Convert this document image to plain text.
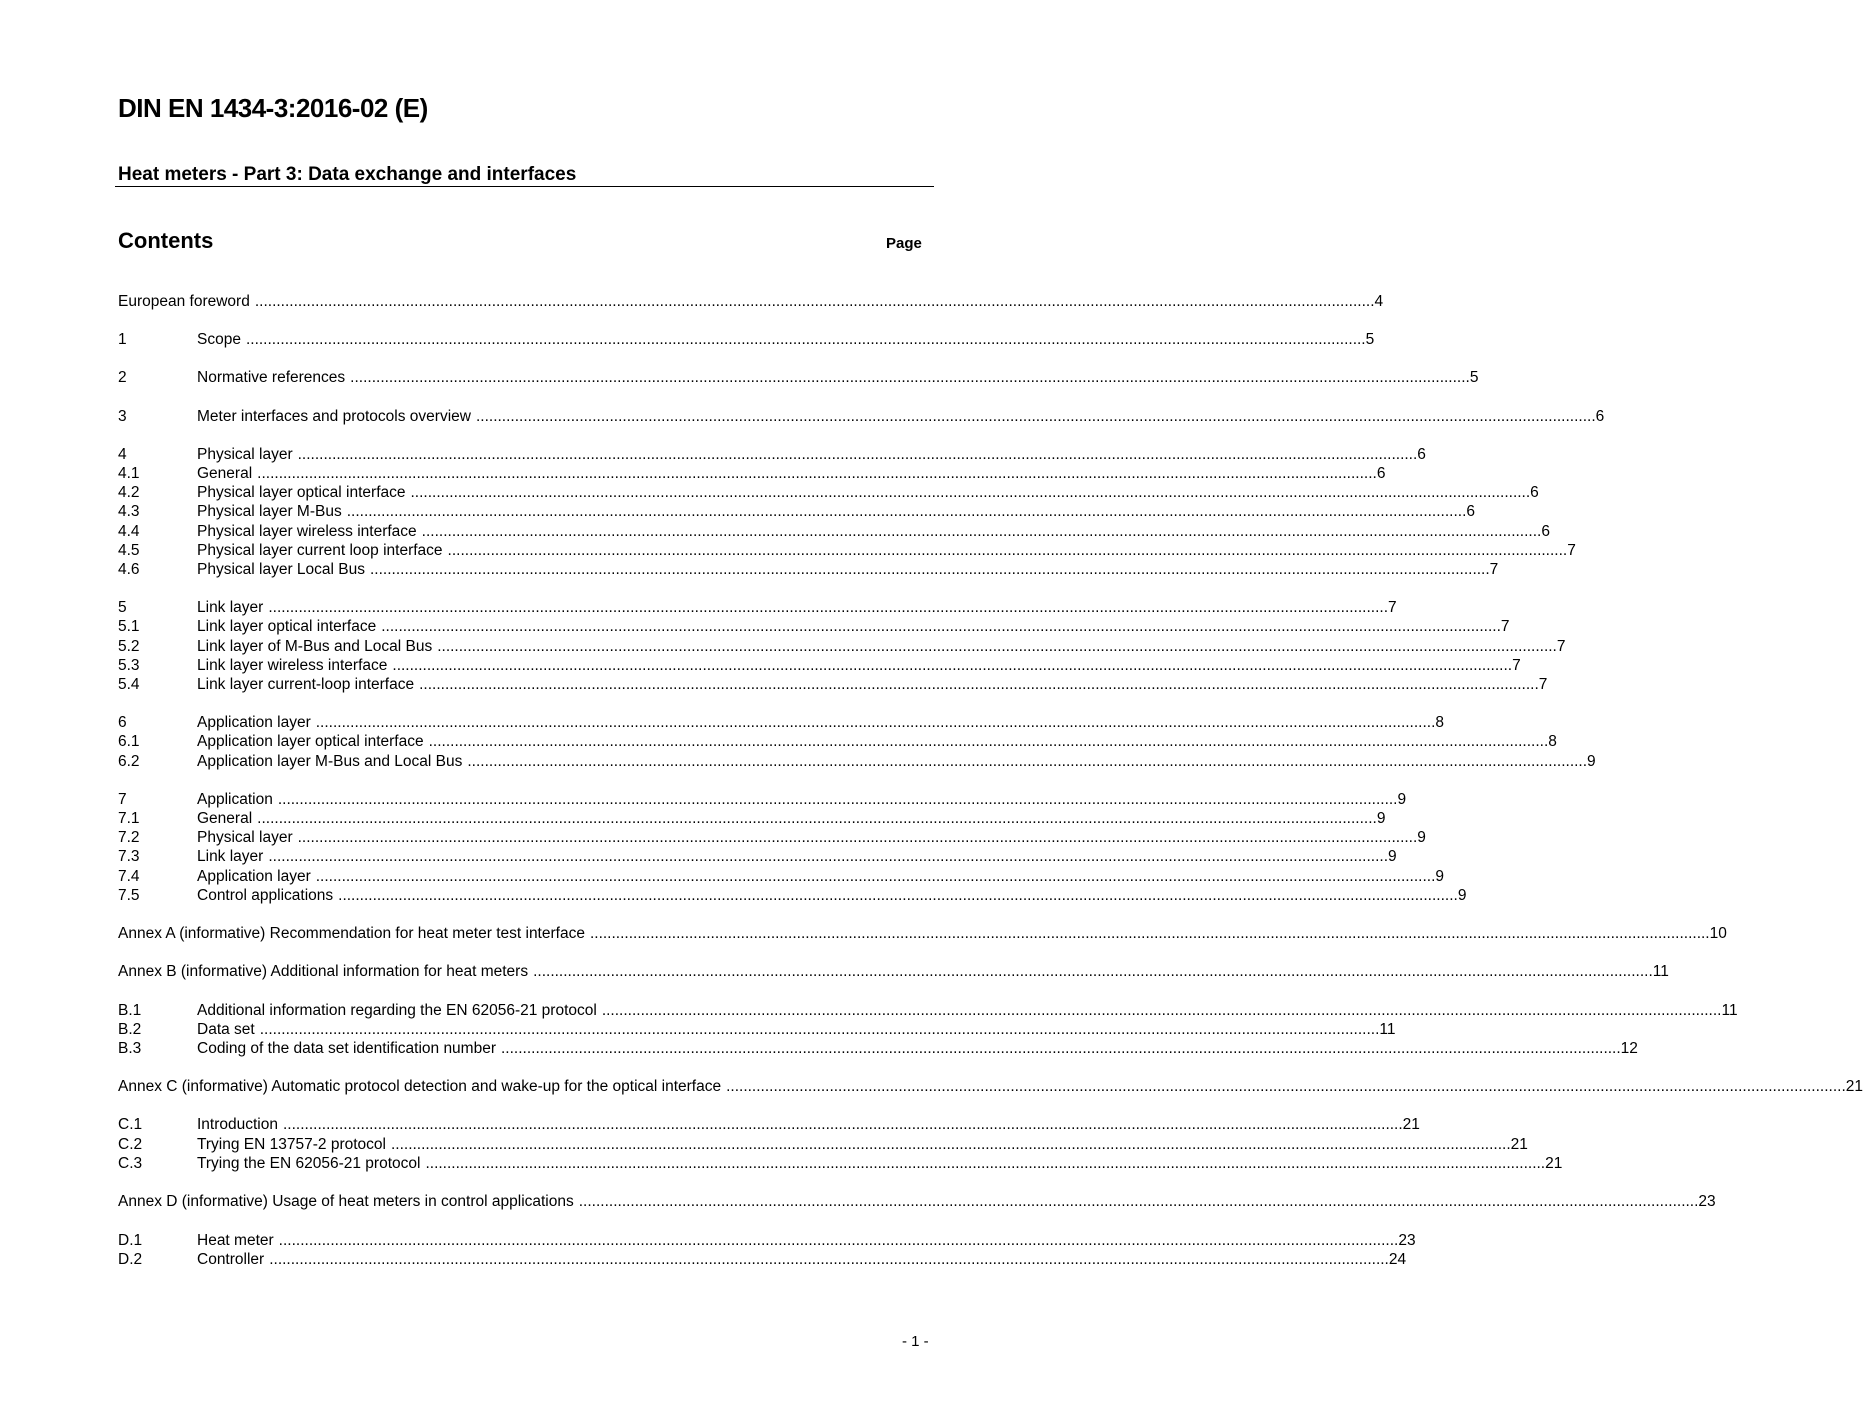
DIN EN 1434-3:2016-02 (E)
Heat meters - Part 3: Data exchange and interfaces
Contents	Page
European foreword .................................................................................................................................................................................................................................................................... 4
1	Scope .................................................................................................................................................................................................................................................................... 5
2	Normative references .................................................................................................................................................................................................................................................................... 5
3	Meter interfaces and protocols overview .................................................................................................................................................................................................................................................................... 6
4	Physical layer .................................................................................................................................................................................................................................................................... 6
4.1	General .................................................................................................................................................................................................................................................................... 6
4.2	Physical layer optical interface .................................................................................................................................................................................................................................................................... 6
4.3	Physical layer M-Bus .................................................................................................................................................................................................................................................................... 6
4.4	Physical layer wireless interface .................................................................................................................................................................................................................................................................... 6
4.5	Physical layer current loop interface .................................................................................................................................................................................................................................................................... 7
4.6	Physical layer Local Bus .................................................................................................................................................................................................................................................................... 7
5	Link layer .................................................................................................................................................................................................................................................................... 7
5.1	Link layer optical interface .................................................................................................................................................................................................................................................................... 7
5.2	Link layer of M-Bus and Local Bus .................................................................................................................................................................................................................................................................... 7
5.3	Link layer wireless interface .................................................................................................................................................................................................................................................................... 7
5.4	Link layer current-loop interface .................................................................................................................................................................................................................................................................... 7
6	Application layer .................................................................................................................................................................................................................................................................... 8
6.1	Application layer optical interface .................................................................................................................................................................................................................................................................... 8
6.2	Application layer M-Bus and Local Bus .................................................................................................................................................................................................................................................................... 9
7	Application .................................................................................................................................................................................................................................................................... 9
7.1	General .................................................................................................................................................................................................................................................................... 9
7.2	Physical layer .................................................................................................................................................................................................................................................................... 9
7.3	Link layer .................................................................................................................................................................................................................................................................... 9
7.4	Application layer .................................................................................................................................................................................................................................................................... 9
7.5	Control applications .................................................................................................................................................................................................................................................................... 9
Annex A (informative) Recommendation for heat meter test interface .................................................................................................................................................................................................................................................................... 10
Annex B (informative) Additional information for heat meters .................................................................................................................................................................................................................................................................... 11
B.1	Additional information regarding the EN 62056-21 protocol .................................................................................................................................................................................................................................................................... 11
B.2	Data set .................................................................................................................................................................................................................................................................... 11
B.3	Coding of the data set identification number .................................................................................................................................................................................................................................................................... 12
Annex C (informative) Automatic protocol detection and wake-up for the optical interface .................................................................................................................................................................................................................................................................... 21
C.1	Introduction .................................................................................................................................................................................................................................................................... 21
C.2	Trying EN 13757-2 protocol .................................................................................................................................................................................................................................................................... 21
C.3	Trying the EN 62056-21 protocol .................................................................................................................................................................................................................................................................... 21
Annex D (informative) Usage of heat meters in control applications .................................................................................................................................................................................................................................................................... 23
D.1	Heat meter .................................................................................................................................................................................................................................................................... 23
D.2	Controller .................................................................................................................................................................................................................................................................... 24
- 1 -
